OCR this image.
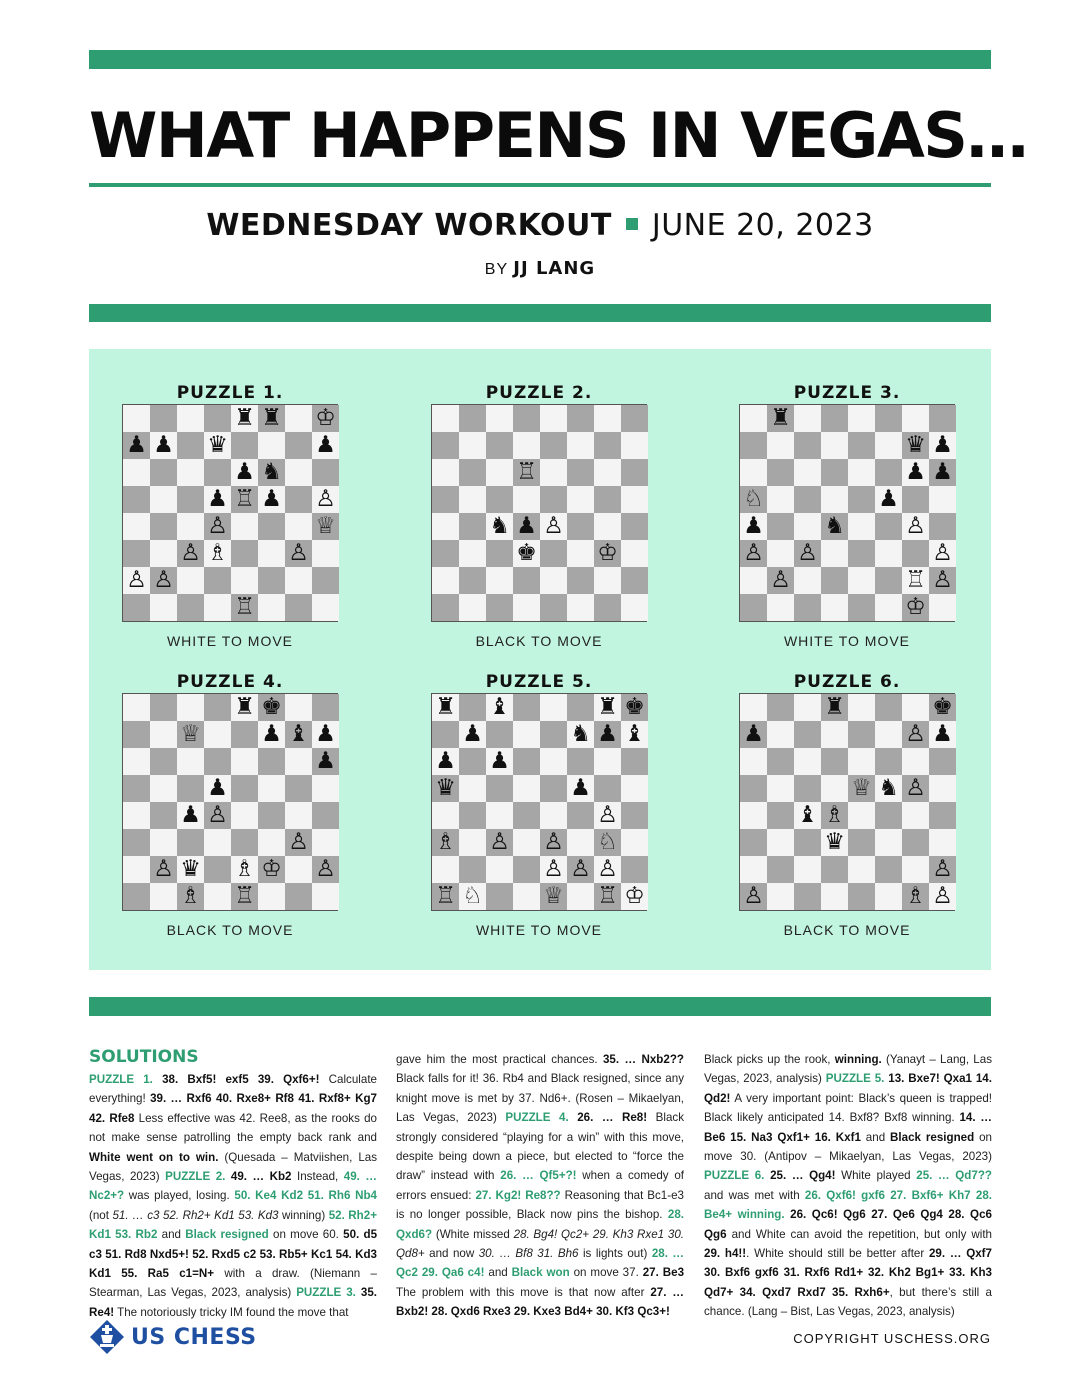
WHAT HAPPENS IN VEGAS…
WEDNESDAY WORKOUT JUNE 20, 2023
BY JJ LANG
PUZZLE 1.
♜ ♜ ♔
♟ ♟ ♛	♟
♟ ♞
♟ ♖ ♟ ♙
♙	♕
♙ ♗	♙
♙ ♙
♖
WHITE TO MOVE
PUZZLE 2.
♖
♞ ♟ ♙
♚	♔
BLACK TO MOVE
PUZZLE 3.
♜
♛ ♟
♟ ♟
♘	♟
♟	♞	♙
♙ ♙	♙
♙	♖ ♙
♔
WHITE TO MOVE
PUZZLE 4.
♜ ♚
♕	♟ ♝ ♟
♟
♟
♟ ♙
♙
♙ ♛ ♗ ♔ ♙
♗ ♖
BLACK TO MOVE
PUZZLE 5.
♜ ♝	♜ ♚
♟	♞ ♟ ♝
♟ ♟
♛	♟
♙
♗ ♙ ♙ ♘
♙ ♙ ♙
♖ ♘	♕ ♖ ♔
WHITE TO MOVE
PUZZLE 6.
♜	♚
♟	♙ ♟
♕ ♞ ♙
♝ ♗
♛
♙
♙	♗ ♙
BLACK TO MOVE
SOLUTIONS
PUZZLE 1. 38. Bxf5! exf5 39. Qxf6+! Calculate everything! 39. … Rxf6 40. Rxe8+ Rf8 41. Rxf8+ Kg7 42. Rfe8 Less effective was 42. Ree8, as the rooks do not make sense patrolling the empty back rank and White went on to win. (Quesada – Matviishen, Las Vegas, 2023) PUZZLE 2. 49. … Kb2 Instead, 49. … Nc2+? was played, losing. 50. Ke4 Kd2 51. Rh6 Nb4 (not 51. … c3 52. Rh2+ Kd1 53. Kd3 winning) 52. Rh2+ Kd1 53. Rb2 and Black resigned on move 60. 50. d5 c3 51. Rd8 Nxd5+! 52. Rxd5 c2 53. Rb5+ Kc1 54. Kd3 Kd1 55. Ra5 c1=N+ with a draw. (Niemann – Stearman, Las Vegas, 2023, analysis) PUZZLE 3. 35. Re4! The notoriously tricky IM found the move that
gave him the most practical chances. 35. … Nxb2?? Black falls for it! 36. Rb4 and Black resigned, since any knight move is met by 37. Nd6+. (Rosen – Mikaelyan, Las Vegas, 2023) PUZZLE 4. 26. … Re8! Black strongly considered “playing for a win” with this move, despite being down a piece, but elected to “force the draw” instead with 26. … Qf5+?! when a comedy of errors ensued: 27. Kg2! Re8?? Reasoning that Bc1-e3 is no longer possible, Black now pins the bishop. 28. Qxd6? (White missed 28. Bg4! Qc2+ 29. Kh3 Rxe1 30. Qd8+ and now 30. … Bf8 31. Bh6 is lights out) 28. … Qc2 29. Qa6 c4! and Black won on move 37. 27. Be3 The problem with this move is that now after 27. … Bxb2! 28. Qxd6 Rxe3 29. Kxe3 Bd4+ 30. Kf3 Qc3+!
Black picks up the rook, winning. (Yanayt – Lang, Las Vegas, 2023, analysis) PUZZLE 5. 13. Bxe7! Qxa1 14. Qd2! A very important point: Black’s queen is trapped! Black likely anticipated 14. Bxf8? Bxf8 winning. 14. … Be6 15. Na3 Qxf1+ 16. Kxf1 and Black resigned on move 30. (Antipov – Mikaelyan, Las Vegas, 2023) PUZZLE 6. 25. … Qg4! White played 25. … Qd7?? and was met with 26. Qxf6! gxf6 27. Bxf6+ Kh7 28. Be4+ winning. 26. Qc6! Qg6 27. Qe6 Qg4 28. Qc6 Qg6 and White can avoid the repetition, but only with 29. h4!!. White should still be better after 29. … Qxf7 30. Bxf6 gxf6 31. Rxf6 Rd1+ 32. Kh2 Bg1+ 33. Kh3 Qd7+ 34. Qxd7 Rxd7 35. Rxh6+, but there’s still a chance. (Lang – Bist, Las Vegas, 2023, analysis)
US CHESS	COPYRIGHT USCHESS.ORG
